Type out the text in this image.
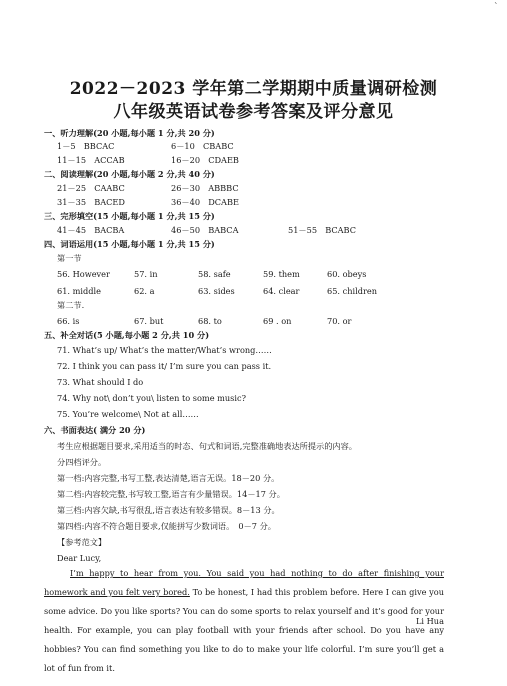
`
2022－2023 学年第二学期期中质量调研检测
八年级英语试卷参考答案及评分意见
一、听力理解(20 小题,每小题 1 分,共 20 分)
1－5　BBCAC	6－10　CBABC
11－15　ACCAB	16－20　CDAEB
二、阅读理解(20 小题,每小题 2 分,共 40 分)
21－25　CAABC	26－30　ABBBC
31－35　BACED	36－40　DCABE
三、完形填空(15 小题,每小题 1 分,共 15 分)
41－45　BACBA	46－50　BABCA	51－55　BCABC
四、词语运用(15 小题,每小题 1 分,共 15 分)
第一节
56. However	57. in	58. safe	59. them	60. obeys
61. middle	62. a	63. sides	64. clear	65. children
第二节.
66. is	67. but	68. to	69 . on	70. or
五、补全对话(5 小题,每小题 2 分,共 10 分)
71. What’s up/ What’s the matter/What’s wrong……
72. I think you can pass it/ I’m sure you can pass it.
73. What should I do
74. Why not\ don’t you\ listen to some music?
75. You’re welcome\ Not at all……
六、书面表达( 满分 20 分)
考生应根据题目要求,采用适当的时态、句式和词语,完整准确地表达所提示的内容。
分四档评分。
第一档:内容完整,书写工整,表达清楚,语言无误。18－20 分。
第二档:内容较完整,书写较工整,语言有少量错误。14－17 分。
第三档:内容欠缺,书写很乱,语言表达有较多错误。8－13 分。
第四档:内容不符合题目要求,仅能拼写少数词语。　0－7 分。
【参考范文】
Dear Lucy,

I’m happy to hear from you. You said you had nothing to do after finishing your homework and you felt very bored. To be honest, I had this problem before. Here I can give you some advice. Do you like sports? You can do some sports to relax yourself and it’s good for your health. For example, you can play football with your friends after school. Do you have any hobbies? You can find something you like to do to make your life colorful. I’m sure you’ll get a lot of fun from it.

Li Hua
